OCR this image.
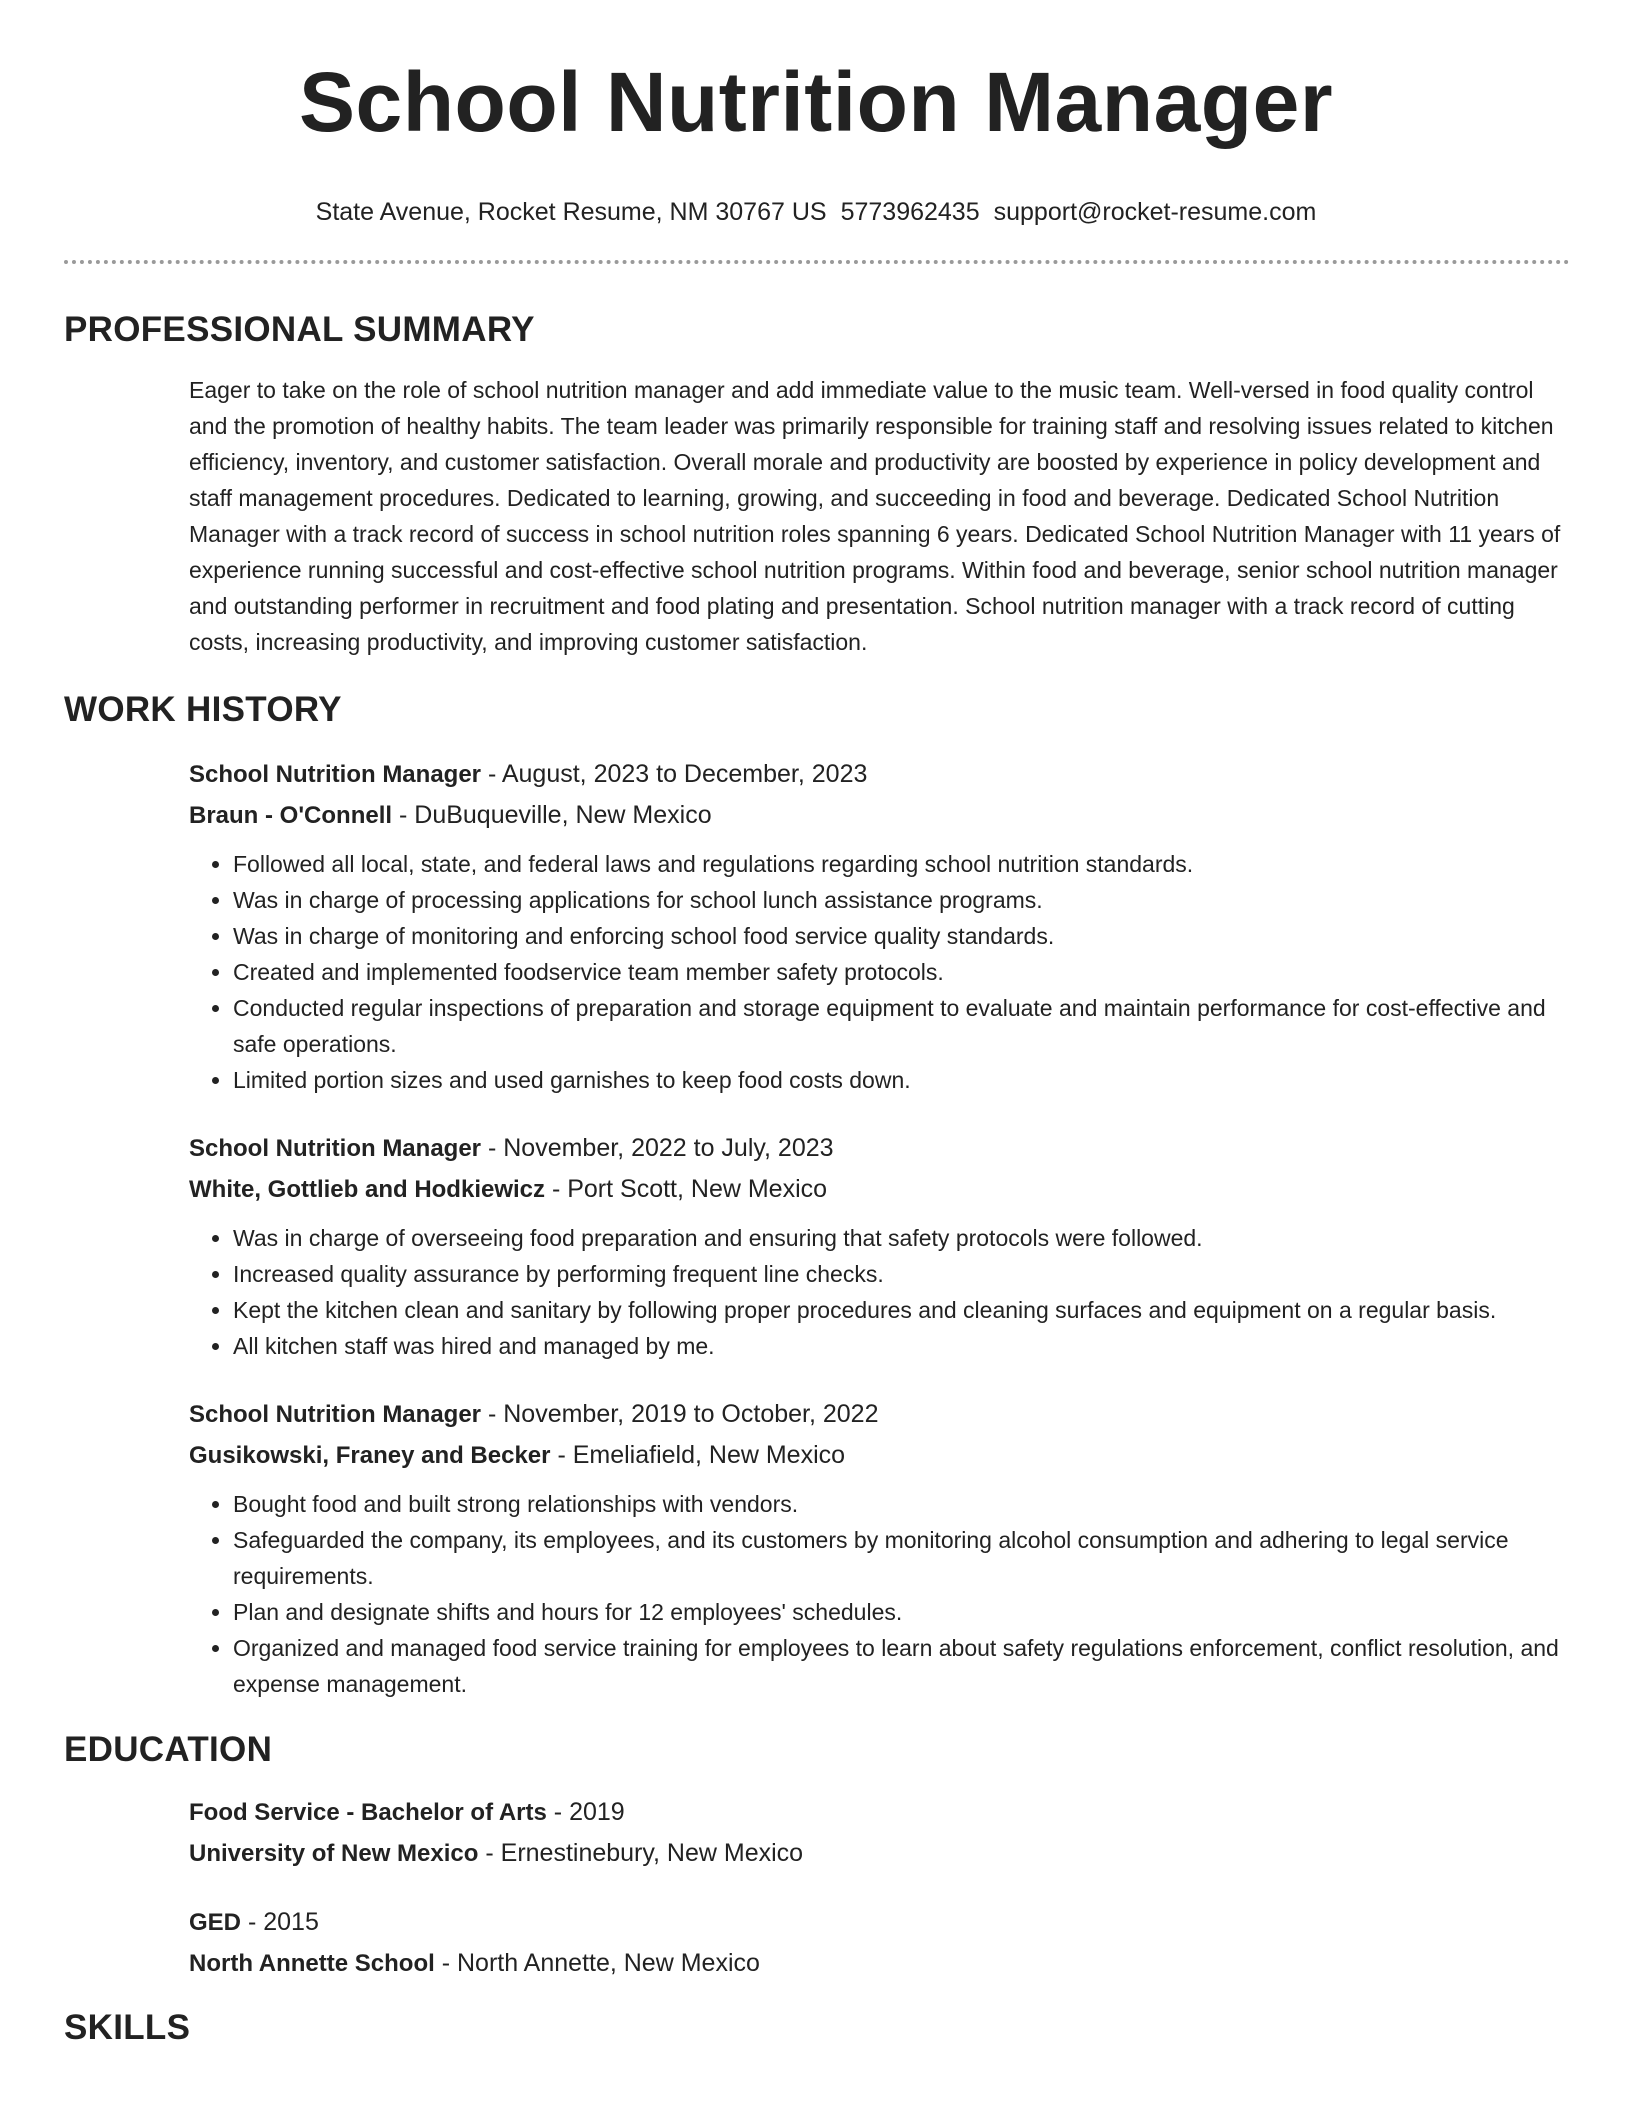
School Nutrition Manager
State Avenue, Rocket Resume, NM 30767 US 5773962435 support@rocket-resume.com
PROFESSIONAL SUMMARY

Eager to take on the role of school nutrition manager and add immediate value to the music team. Well-versed in food quality control and the promotion of healthy habits. The team leader was primarily responsible for training staff and resolving issues related to kitchen efficiency, inventory, and customer satisfaction. Overall morale and productivity are boosted by experience in policy development and staff management procedures. Dedicated to learning, growing, and succeeding in food and beverage. Dedicated School Nutrition Manager with a track record of success in school nutrition roles spanning 6 years. Dedicated School Nutrition Manager with 11 years of experience running successful and cost-effective school nutrition programs. Within food and beverage, senior school nutrition manager and outstanding performer in recruitment and food plating and presentation. School nutrition manager with a track record of cutting costs, increasing productivity, and improving customer satisfaction.

WORK HISTORY
School Nutrition Manager - August, 2023 to December, 2023
Braun - O'Connell - DuBuqueville, New Mexico
• Followed all local, state, and federal laws and regulations regarding school nutrition standards.
• Was in charge of processing applications for school lunch assistance programs.
• Was in charge of monitoring and enforcing school food service quality standards.
• Created and implemented foodservice team member safety protocols.
• Conducted regular inspections of preparation and storage equipment to evaluate and maintain performance for cost-effective and safe operations.
• Limited portion sizes and used garnishes to keep food costs down.
School Nutrition Manager - November, 2022 to July, 2023
White, Gottlieb and Hodkiewicz - Port Scott, New Mexico
• Was in charge of overseeing food preparation and ensuring that safety protocols were followed.
• Increased quality assurance by performing frequent line checks.
• Kept the kitchen clean and sanitary by following proper procedures and cleaning surfaces and equipment on a regular basis.
• All kitchen staff was hired and managed by me.
School Nutrition Manager - November, 2019 to October, 2022
Gusikowski, Franey and Becker - Emeliafield, New Mexico
• Bought food and built strong relationships with vendors.
• Safeguarded the company, its employees, and its customers by monitoring alcohol consumption and adhering to legal service requirements.
• Plan and designate shifts and hours for 12 employees' schedules.
• Organized and managed food service training for employees to learn about safety regulations enforcement, conflict resolution, and expense management.
EDUCATION
Food Service - Bachelor of Arts - 2019
University of New Mexico - Ernestinebury, New Mexico
GED - 2015
North Annette School - North Annette, New Mexico
SKILLS
